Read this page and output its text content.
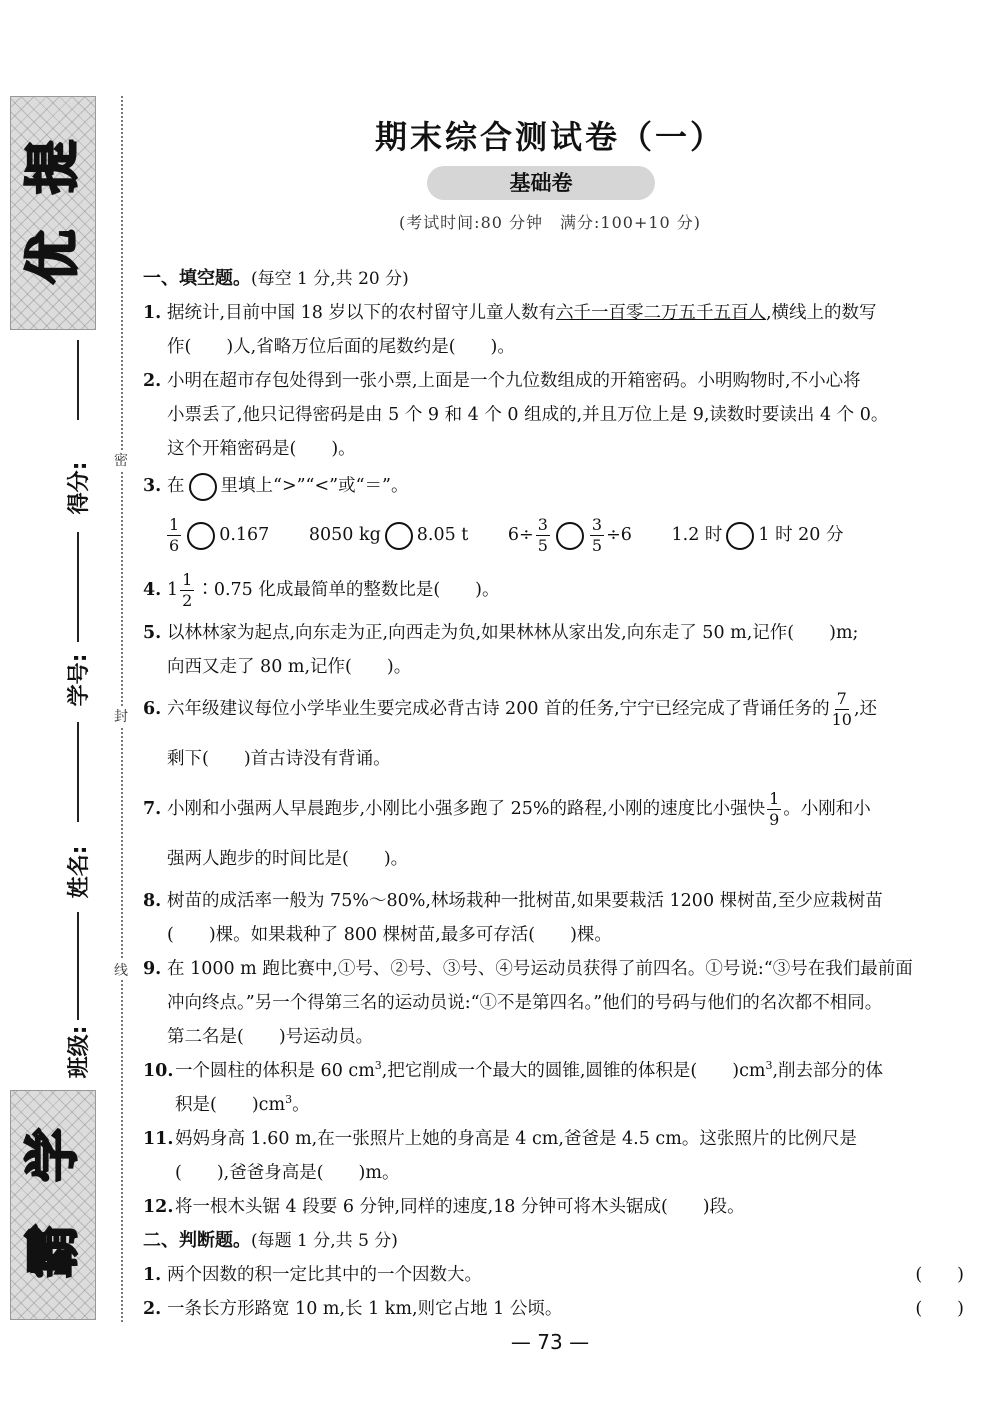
提
优
学
霸
得分:
学号:
姓名:
班级:
密
封
线
期末综合测试卷（一）
基础卷
(考试时间:80 分钟　满分:100+10 分)
一、填空题。(每空 1 分,共 20 分)
1. 据统计,目前中国 18 岁以下的农村留守儿童人数有六千一百零二万五千五百人,横线上的数写
作(　　)人,省略万位后面的尾数约是(　　)。
2. 小明在超市存包处得到一张小票,上面是一个九位数组成的开箱密码。小明购物时,不小心将
小票丢了,他只记得密码是由 5 个 9 和 4 个 0 组成的,并且万位上是 9,读数时要读出 4 个 0。
这个开箱密码是(　　)。
3. 在 里填上“>”“<”或“＝”。
$\frac{1}{6} 0.167$ 8050 kg 8.05 t $6\div \frac{3}{5}$	$\frac{3}{5} \div 6$ 1.2 时 1 时 20 分
4. $1 \frac{1}{2}$ ∶0.75 化成最简单的整数比是(　　)。
5. 以林林家为起点,向东走为正,向西走为负,如果林林从家出发,向东走了 50 m,记作(　　)m;
向西又走了 80 m,记作(　　)。
6. 六年级建议每位小学毕业生要完成必背古诗 200 首的任务,宁宁已经完成了背诵任务的 $\frac{7}{10}$ ,还
剩下(　　)首古诗没有背诵。
7. 小刚和小强两人早晨跑步,小刚比小强多跑了 25%的路程,小刚的速度比小强快 $\frac{1}{9}$ 。小刚和小
强两人跑步的时间比是(　　)。
8. 树苗的成活率一般为 75%～80%,林场栽种一批树苗,如果要栽活 1200 棵树苗,至少应栽树苗
(　　)棵。如果栽种了 800 棵树苗,最多可存活(　　)棵。
9. 在 1000 m 跑比赛中,①号、②号、③号、④号运动员获得了前四名。①号说:“③号在我们最前面
冲向终点。”另一个得第三名的运动员说:“①不是第四名。”他们的号码与他们的名次都不相同。
第二名是(　　)号运动员。
10. 一个圆柱的体积是 60 $cm^3$,把它削成一个最大的圆锥,圆锥的体积是(　　)$cm^3$,削去部分的体
积是(　　)$cm^3$。
11. 妈妈身高 1.60 m,在一张照片上她的身高是 4 cm,爸爸是 4.5 cm。这张照片的比例尺是
(　　),爸爸身高是(　　)m。
12. 将一根木头锯 4 段要 6 分钟,同样的速度,18 分钟可将木头锯成(　　)段。
二、判断题。(每题 1 分,共 5 分)
1. 两个因数的积一定比其中的一个因数大。	(　　)
2. 一条长方形路宽 10 m,长 1 km,则它占地 1 公顷。	(　　)
— 73 —
